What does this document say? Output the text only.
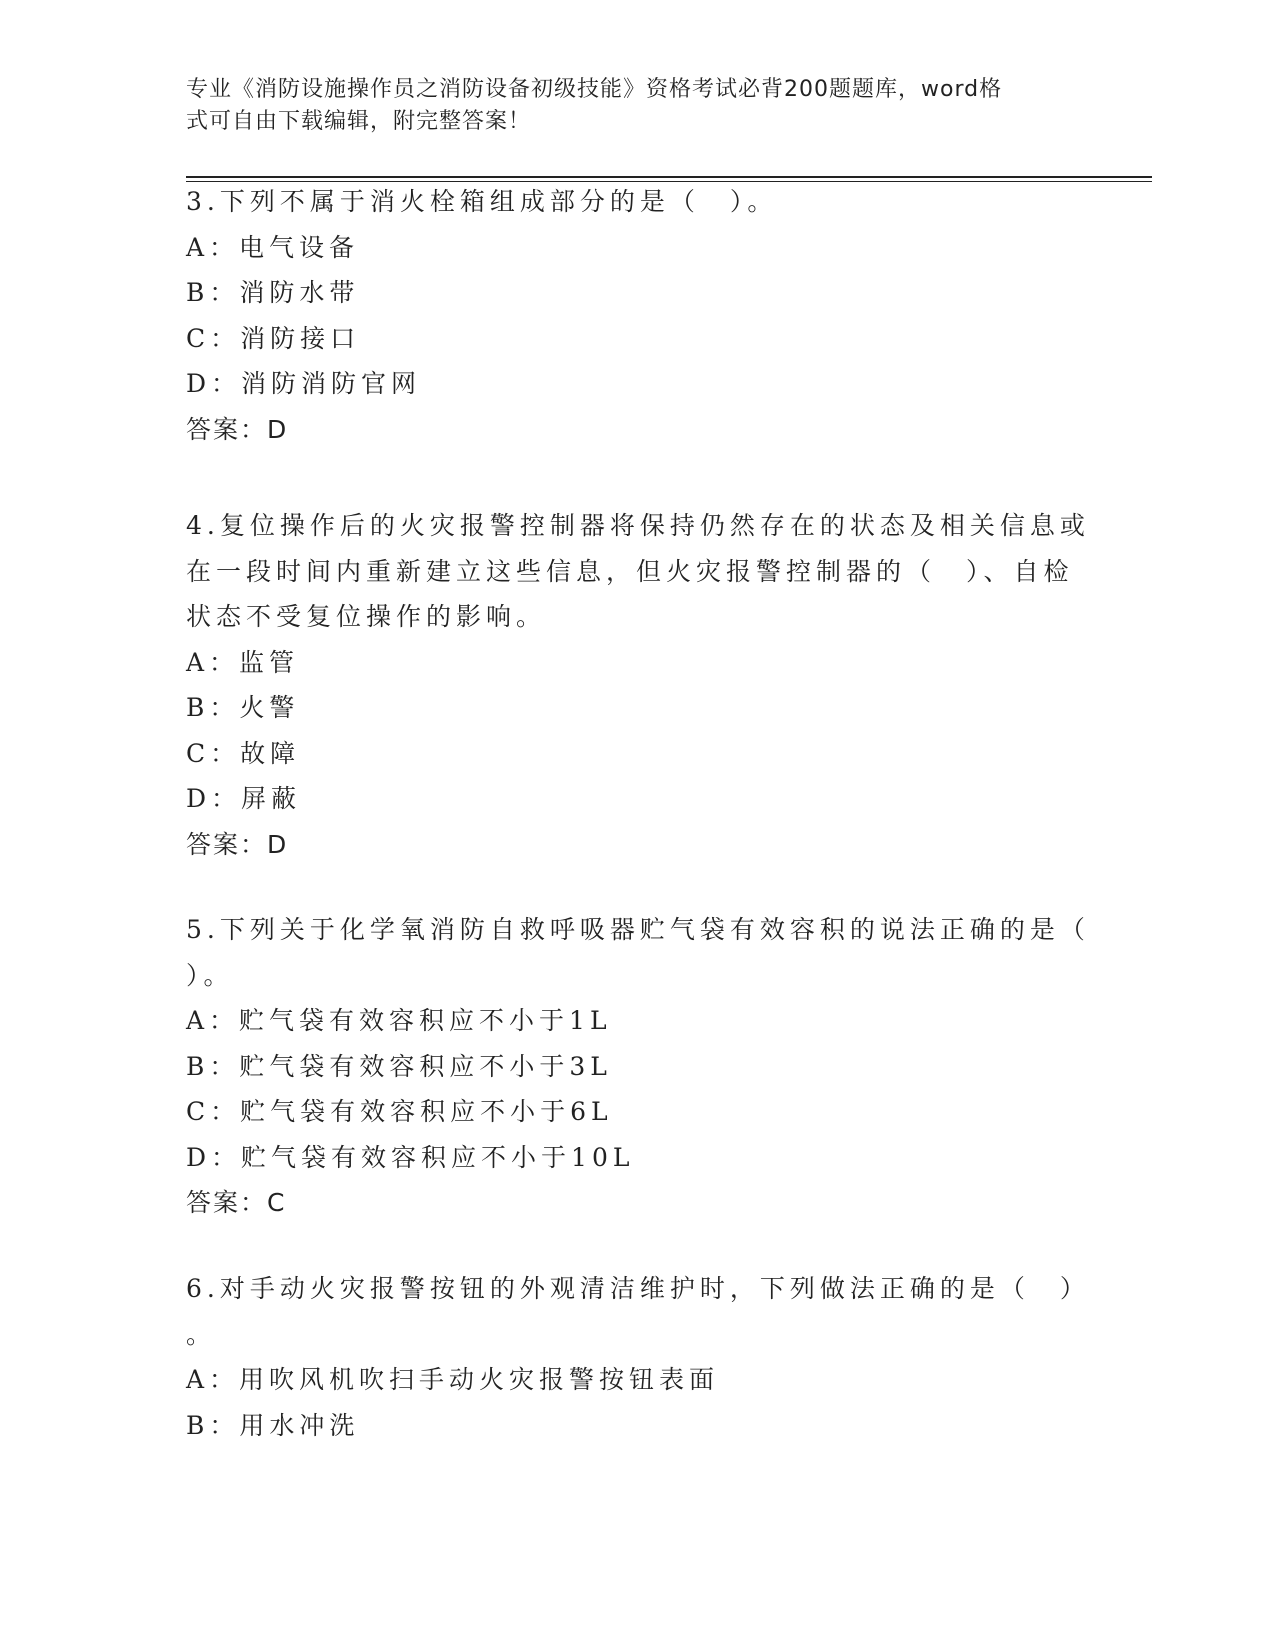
专业《消防设施操作员之消防设备初级技能》资格考试必背200题题库，word格
式可自由下载编辑，附完整答案！
3.下列不属于消火栓箱组成部分的是（　）。
A：电气设备
B：消防水带
C：消防接口
D：消防消防官网
答案：D
4.复位操作后的火灾报警控制器将保持仍然存在的状态及相关信息或
在一段时间内重新建立这些信息，但火灾报警控制器的（　）、自检
状态不受复位操作的影响。
A：监管
B：火警
C：故障
D：屏蔽
答案：D
5.下列关于化学氧消防自救呼吸器贮气袋有效容积的说法正确的是（
）。
A：贮气袋有效容积应不小于1L
B：贮气袋有效容积应不小于3L
C：贮气袋有效容积应不小于6L
D：贮气袋有效容积应不小于10L
答案：C
6.对手动火灾报警按钮的外观清洁维护时，下列做法正确的是（　）
。
A：用吹风机吹扫手动火灾报警按钮表面
B：用水冲洗
